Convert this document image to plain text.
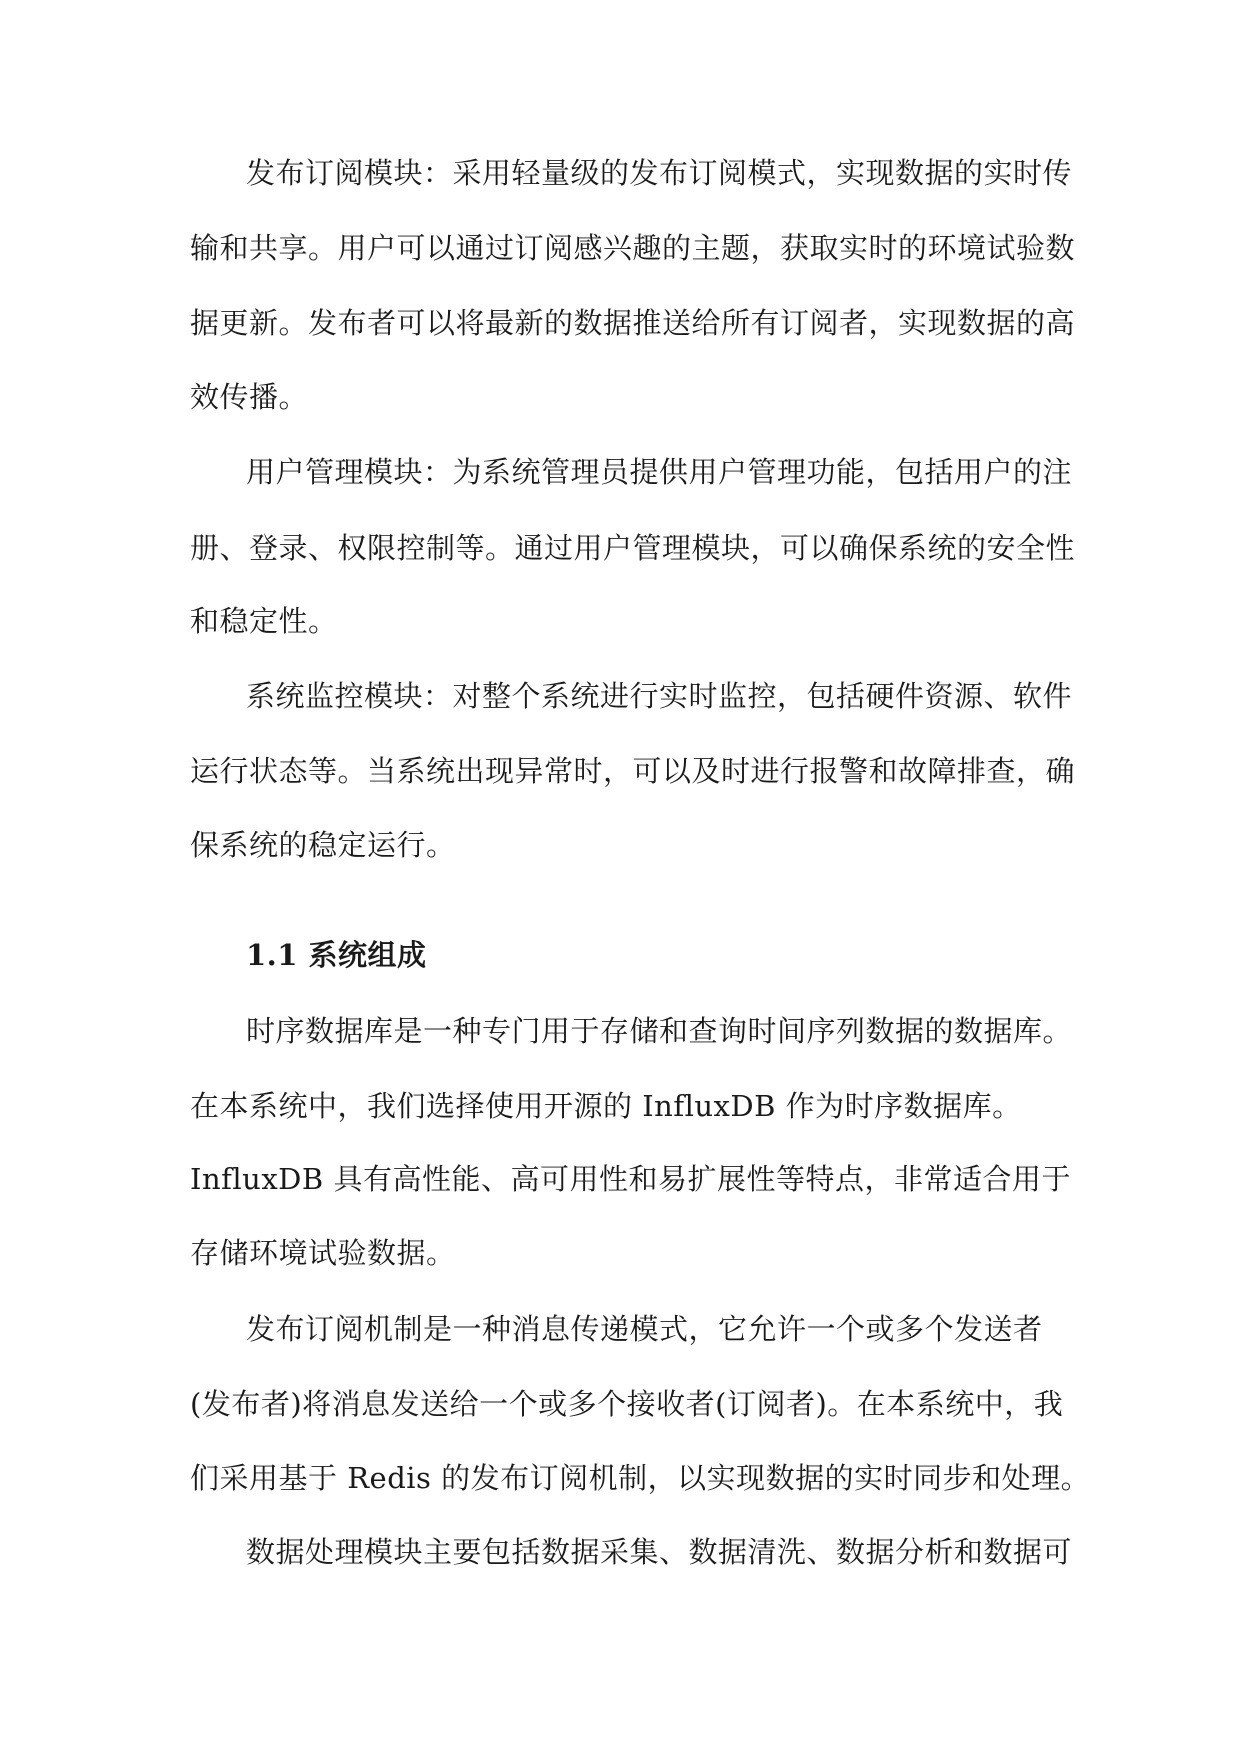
发布订阅模块：采用轻量级的发布订阅模式，实现数据的实时传
输和共享。用户可以通过订阅感兴趣的主题，获取实时的环境试验数
据更新。发布者可以将最新的数据推送给所有订阅者，实现数据的高
效传播。
用户管理模块：为系统管理员提供用户管理功能，包括用户的注
册、登录、权限控制等。通过用户管理模块，可以确保系统的安全性
和稳定性。
系统监控模块：对整个系统进行实时监控，包括硬件资源、软件
运行状态等。当系统出现异常时，可以及时进行报警和故障排查，确
保系统的稳定运行。
1.1 系统组成
时序数据库是一种专门用于存储和查询时间序列数据的数据库。
在本系统中，我们选择使用开源的 InfluxDB 作为时序数据库。
InfluxDB 具有高性能、高可用性和易扩展性等特点，非常适合用于
存储环境试验数据。
发布订阅机制是一种消息传递模式，它允许一个或多个发送者
(发布者)将消息发送给一个或多个接收者(订阅者)。在本系统中，我
们采用基于 Redis 的发布订阅机制，以实现数据的实时同步和处理。
数据处理模块主要包括数据采集、数据清洗、数据分析和数据可
